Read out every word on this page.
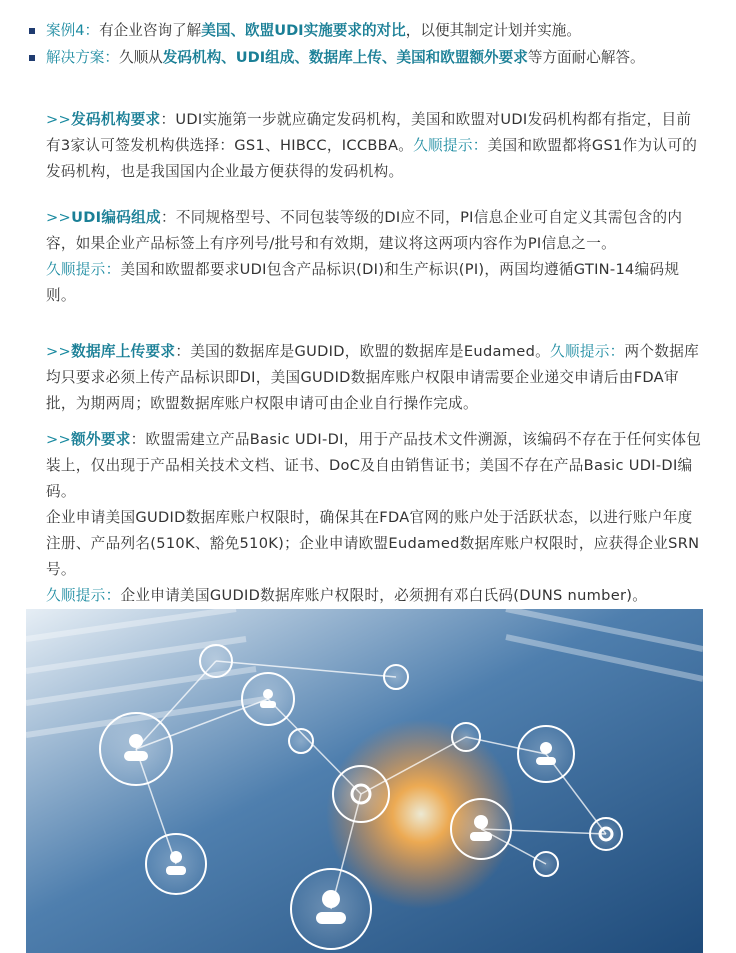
案例4：有企业咨询了解美国、欧盟UDI实施要求的对比，以便其制定计划并实施。
解决方案：久顺从发码机构、UDI组成、数据库上传、美国和欧盟额外要求等方面耐心解答。
>>发码机构要求：UDI实施第一步就应确定发码机构，美国和欧盟对UDI发码机构都有指定，目前有3家认可签发机构供选择：GS1、HIBCC，ICCBBA。久顺提示：美国和欧盟都将GS1作为认可的发码机构，也是我国国内企业最方便获得的发码机构。
>>UDI编码组成：不同规格型号、不同包装等级的DI应不同，PI信息企业可自定义其需包含的内容，如果企业产品标签上有序列号/批号和有效期，建议将这两项内容作为PI信息之一。
久顺提示：美国和欧盟都要求UDI包含产品标识(DI)和生产标识(PI)，两国均遵循GTIN-14编码规则。
>>数据库上传要求：美国的数据库是GUDID，欧盟的数据库是Eudamed。久顺提示：两个数据库均只要求必须上传产品标识即DI，美国GUDID数据库账户权限申请需要企业递交申请后由FDA审批，为期两周；欧盟数据库账户权限申请可由企业自行操作完成。
>>额外要求：欧盟需建立产品Basic UDI-DI，用于产品技术文件溯源，该编码不存在于任何实体包装上，仅出现于产品相关技术文档、证书、DoC及自由销售证书；美国不存在产品Basic UDI-DI编码。
企业申请美国GUDID数据库账户权限时，确保其在FDA官网的账户处于活跃状态，以进行账户年度注册、产品列名(510K、豁免510K)；企业申请欧盟Eudamed数据库账户权限时，应获得企业SRN号。
久顺提示：企业申请美国GUDID数据库账户权限时，必须拥有邓白氏码(DUNS number)。
